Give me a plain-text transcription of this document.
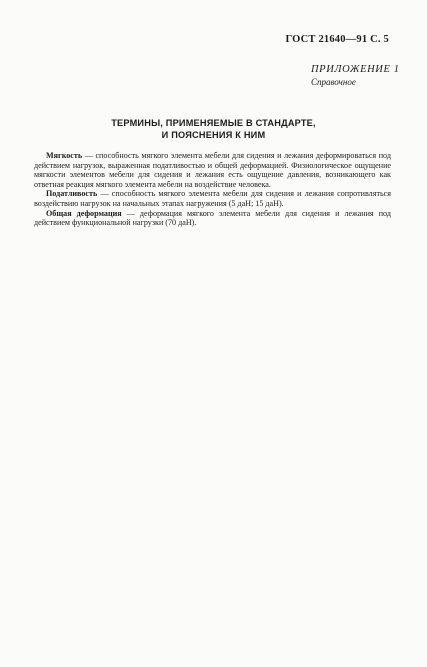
ГОСТ 21640—91 С. 5
ПРИЛОЖЕНИЕ 1
Справочное
ТЕРМИНЫ, ПРИМЕНЯЕМЫЕ В СТАНДАРТЕ,
И ПОЯСНЕНИЯ К НИМ

Мягкость — способность мягкого элемента мебели для сидения и лежания деформироваться под действием нагрузок, выраженная податливостью и общей деформацией. Физиологическое ощущение мягкости элементов мебели для сидения и лежания есть ощущение давления, возникающего как ответная реакция мягкого элемента мебели на воздействие человека.

Податливость — способность мягкого элемента мебели для сидения и лежания сопротивляться воздействию нагрузок на начальных этапах нагружения (5 даН; 15 даН).

Общая деформация — деформация мягкого элемента мебели для сидения и лежания под действием функциональной нагрузки (70 даН).
